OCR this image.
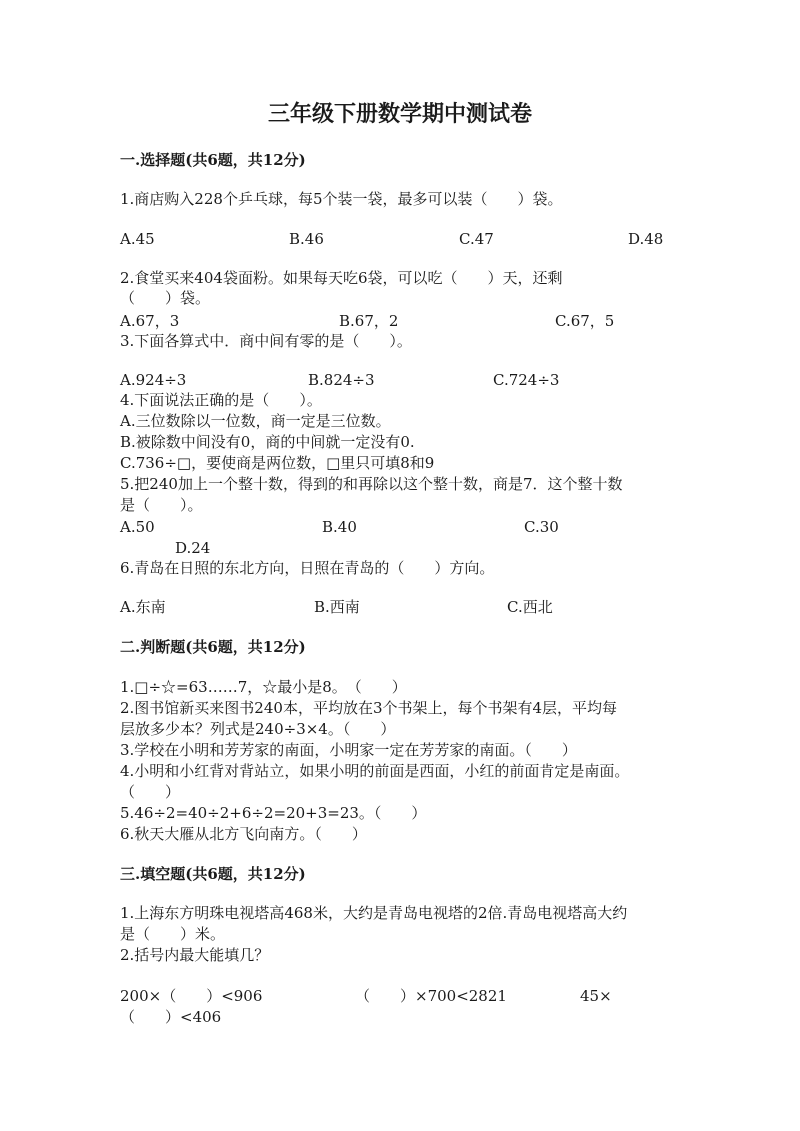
三年级下册数学期中测试卷
一.选择题(共6题，共12分)
1.商店购入228个乒乓球，每5个装一袋，最多可以装（　　）袋。
A.45	B.46	C.47	D.48
2.食堂买来404袋面粉。如果每天吃6袋，可以吃（　　）天，还剩
（　　）袋。
A.67，3	B.67，2	C.67，5
3.下面各算式中．商中间有零的是（　　）。
A.924÷3	B.824÷3	C.724÷3
4.下面说法正确的是（　　）。
A.三位数除以一位数，商一定是三位数。
B.被除数中间没有0，商的中间就一定没有0.
C.736÷□，要使商是两位数，□里只可填8和9
5.把240加上一个整十数，得到的和再除以这个整十数，商是7．这个整十数
是（　　）。
A.50	B.40	C.30
D.24
6.青岛在日照的东北方向，日照在青岛的（　　）方向。
A.东南	B.西南	C.西北
二.判断题(共6题，共12分)
1.□÷☆=63……7，☆最小是8。　（　　）
2.图书馆新买来图书240本，平均放在3个书架上，每个书架有4层，平均每
层放多少本？列式是240÷3×4。（　　）
3.学校在小明和芳芳家的南面，小明家一定在芳芳家的南面。（　　）
4.小明和小红背对背站立，如果小明的前面是西面，小红的前面肯定是南面。
（　　）
5.46÷2=40÷2+6÷2=20+3=23。（　　）
6.秋天大雁从北方飞向南方。（　　）
三.填空题(共6题，共12分)
1.上海东方明珠电视塔高468米，大约是青岛电视塔的2倍.青岛电视塔高大约
是（　　）米。
2.括号内最大能填几？
200×（　　）<906	（　　）×700<2821	45×
（　　）<406
